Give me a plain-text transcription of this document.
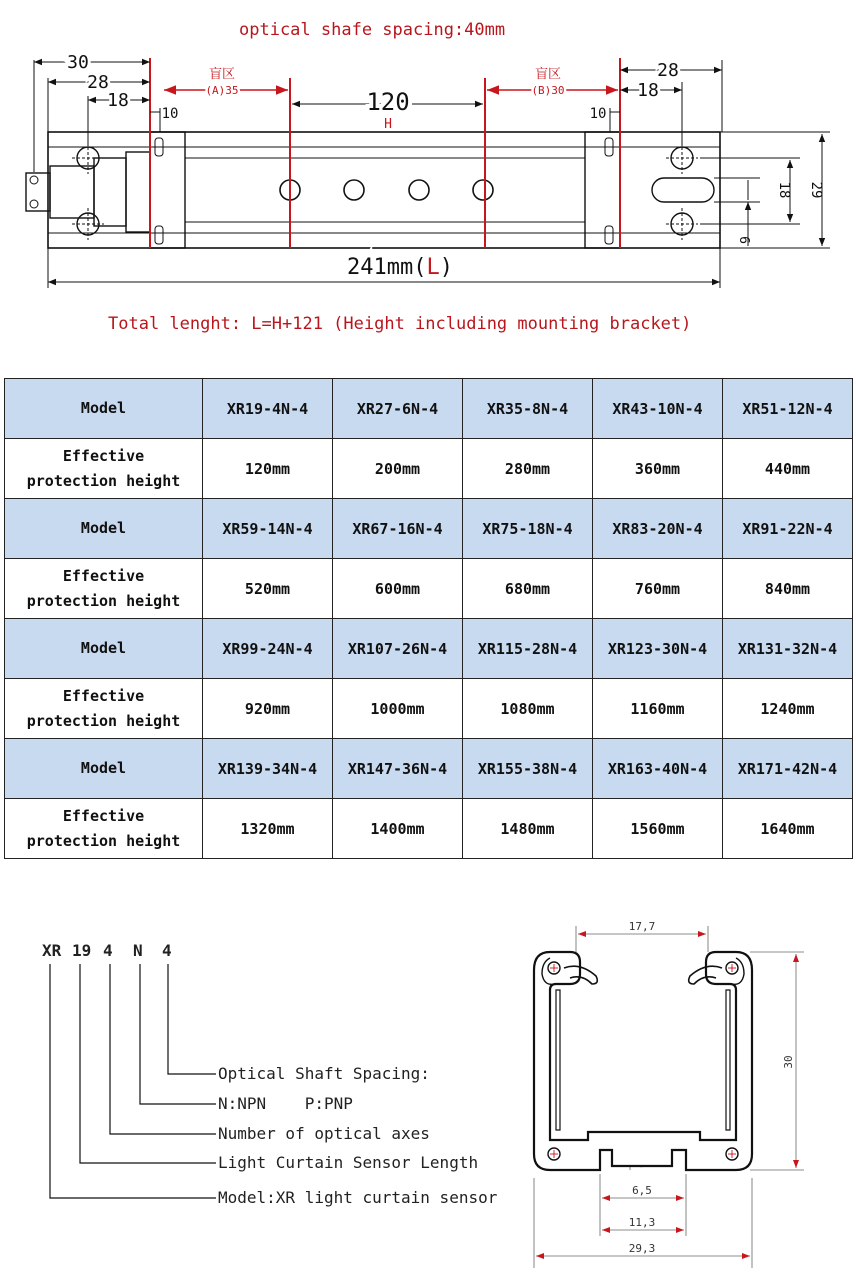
optical shafe spacing:40mm
30
28
18
10
盲区
(A)35	120
H
盲区
(B)30
28
18
10
241mm(L)
29
18
6
Total lenght: L=H+121 (Height including mounting bracket)
Model	XR19-4N-4	XR27-6N-4	XR35-8N-4	XR43-10N-4	XR51-12N-4

Effective
protection height	120mm	200mm	280mm	360mm	440mm
Model	XR59-14N-4	XR67-16N-4	XR75-18N-4	XR83-20N-4	XR91-22N-4

Effective
protection height	520mm	600mm	680mm	760mm	840mm
Model	XR99-24N-4	XR107-26N-4	XR115-28N-4	XR123-30N-4	XR131-32N-4

Effective
protection height	920mm	1000mm	1080mm	1160mm	1240mm
Model	XR139-34N-4	XR147-36N-4	XR155-38N-4	XR163-40N-4	XR171-42N-4

Effective
protection height	1320mm	1400mm	1480mm	1560mm	1640mm
XR 19 4 N 4
Optical Shaft Spacing:
N:NPN    P:PNP
Number of optical axes
Light Curtain Sensor Length
Model:XR light curtain sensor
17,7
30
6,5
11,3
29,3
